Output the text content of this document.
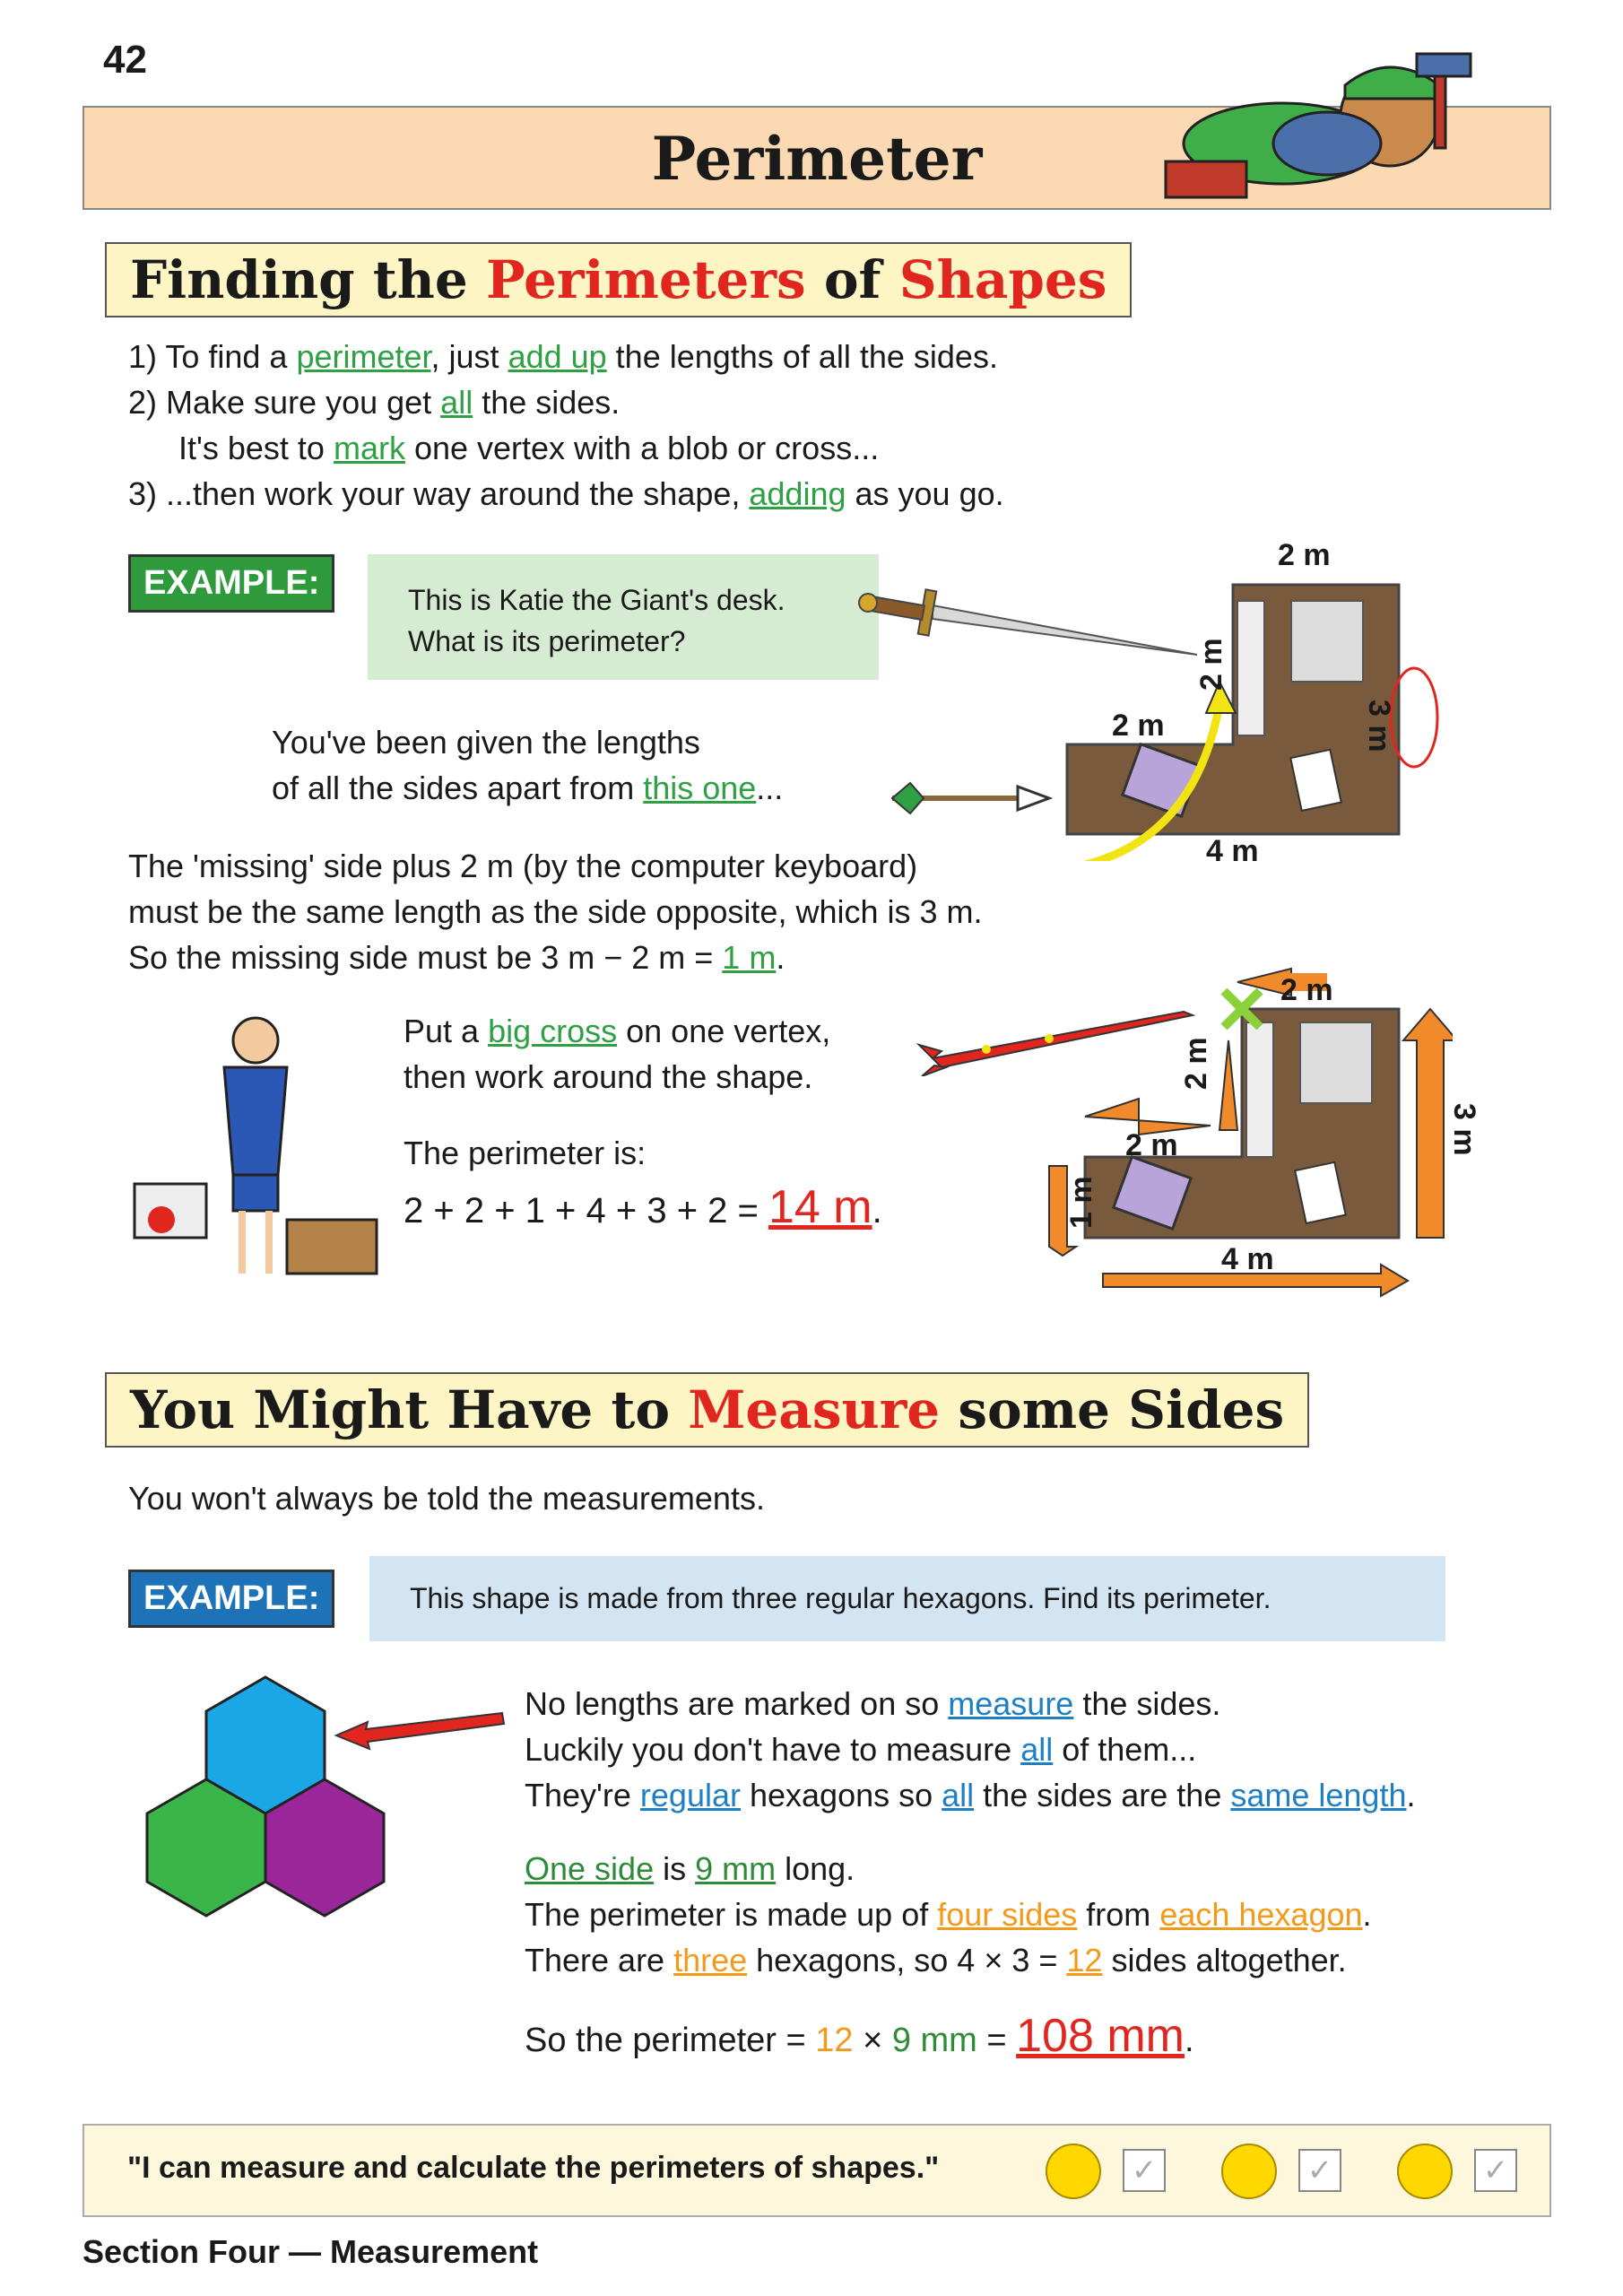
42
Perimeter
Finding the Perimeters of Shapes
1) To find a perimeter, just add up the lengths of all the sides.
2) Make sure you get all the sides.
It's best to mark one vertex with a blob or cross...
3) ...then work your way around the shape, adding as you go.
EXAMPLE:	This is Katie the Giant's desk.
What is its perimeter?
You've been given the lengths
of all the sides apart from this one...
The 'missing' side plus 2 m (by the computer keyboard)
must be the same length as the side opposite, which is 3 m.
So the missing side must be 3 m − 2 m = 1 m.
2 m
3 m
2 m
2 m
4 m
Put a big cross on one vertex,
then work around the shape.
The perimeter is:
2 + 2 + 1 + 4 + 3 + 2 = 14 m.
2 m
3 m
2 m
2 m
1 m
4 m
You Might Have to Measure some Sides
You won't always be told the measurements.
EXAMPLE:	This shape is made from three regular hexagons. Find its perimeter.
No lengths are marked on so measure the sides.
Luckily you don't have to measure all of them...
They're regular hexagons so all the sides are the same length.
One side is 9 mm long.
The perimeter is made up of four sides from each hexagon.
There are three hexagons, so 4 × 3 = 12 sides altogether.
So the perimeter = 12 × 9 mm = 108 mm.
"I can measure and calculate the perimeters of shapes."	✓	✓	✓
Section Four — Measurement
